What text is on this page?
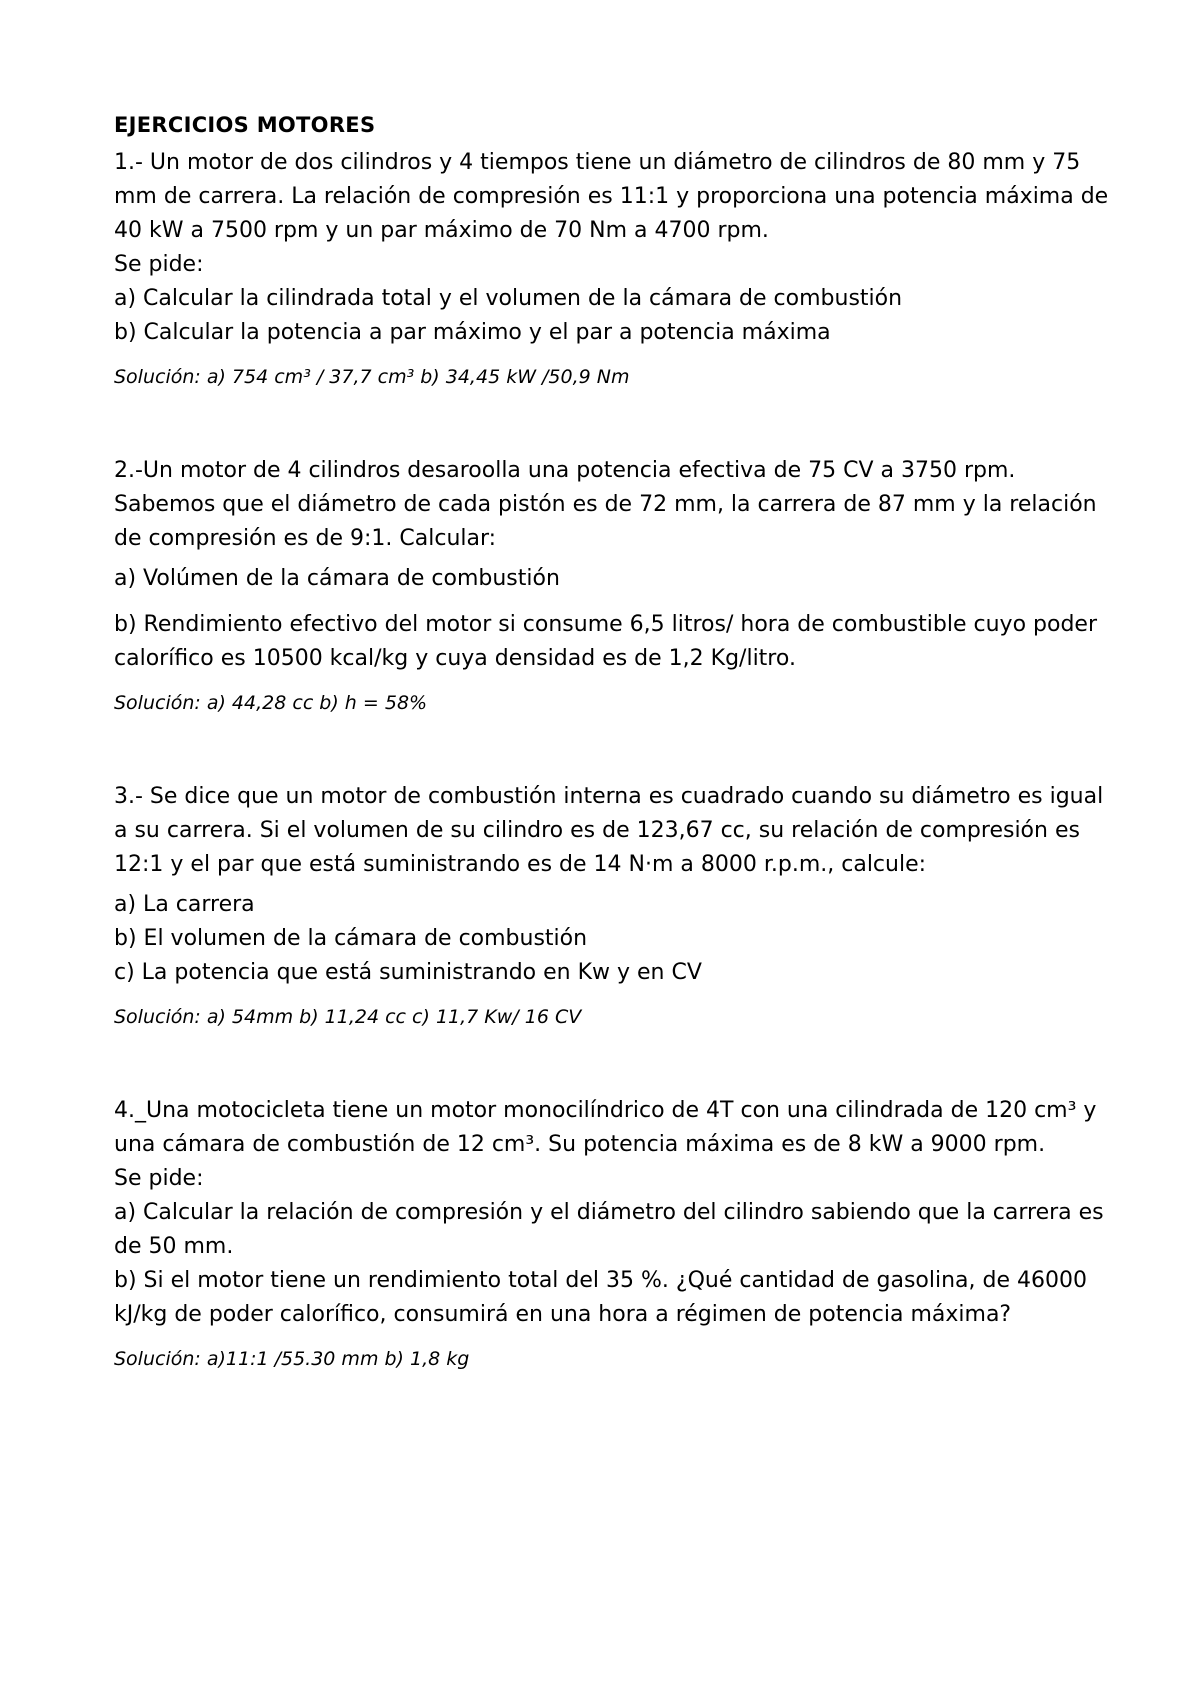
EJERCICIOS MOTORES
1.- Un motor de dos cilindros y 4 tiempos tiene un diámetro de cilindros de 80 mm y 75
mm de carrera. La relación de compresión es 11:1 y proporciona una potencia máxima de
40 kW a 7500 rpm y un par máximo de 70 Nm a 4700 rpm.
Se pide:
a) Calcular la cilindrada total y el volumen de la cámara de combustión
b) Calcular la potencia a par máximo y el par a potencia máxima
Solución: a) 754 cm³ / 37,7 cm³ b) 34,45 kW /50,9 Nm
2.-Un motor de 4 cilindros desaroolla una potencia efectiva de 75 CV a 3750 rpm.
Sabemos que el diámetro de cada pistón es de 72 mm, la carrera de 87 mm y la relación
de compresión es de 9:1. Calcular:
a) Volúmen de la cámara de combustión
b) Rendimiento efectivo del motor si consume 6,5 litros/ hora de combustible cuyo poder
calorífico es 10500 kcal/kg y cuya densidad es de 1,2 Kg/litro.
Solución: a) 44,28 cc b) h = 58%
3.- Se dice que un motor de combustión interna es cuadrado cuando su diámetro es igual
a su carrera. Si el volumen de su cilindro es de 123,67 cc, su relación de compresión es
12:1 y el par que está suministrando es de 14 N·m a 8000 r.p.m., calcule:
a) La carrera
b) El volumen de la cámara de combustión
c) La potencia que está suministrando en Kw y en CV
Solución: a) 54mm b) 11,24 cc c) 11,7 Kw/ 16 CV
4._Una motocicleta tiene un motor monocilíndrico de 4T con una cilindrada de 120 cm³ y
una cámara de combustión de 12 cm³. Su potencia máxima es de 8 kW a 9000 rpm.
Se pide:
a) Calcular la relación de compresión y el diámetro del cilindro sabiendo que la carrera es
de 50 mm.
b) Si el motor tiene un rendimiento total del 35 %. ¿Qué cantidad de gasolina, de 46000
kJ/kg de poder calorífico, consumirá en una hora a régimen de potencia máxima?
Solución: a)11:1 /55.30 mm b) 1,8 kg
